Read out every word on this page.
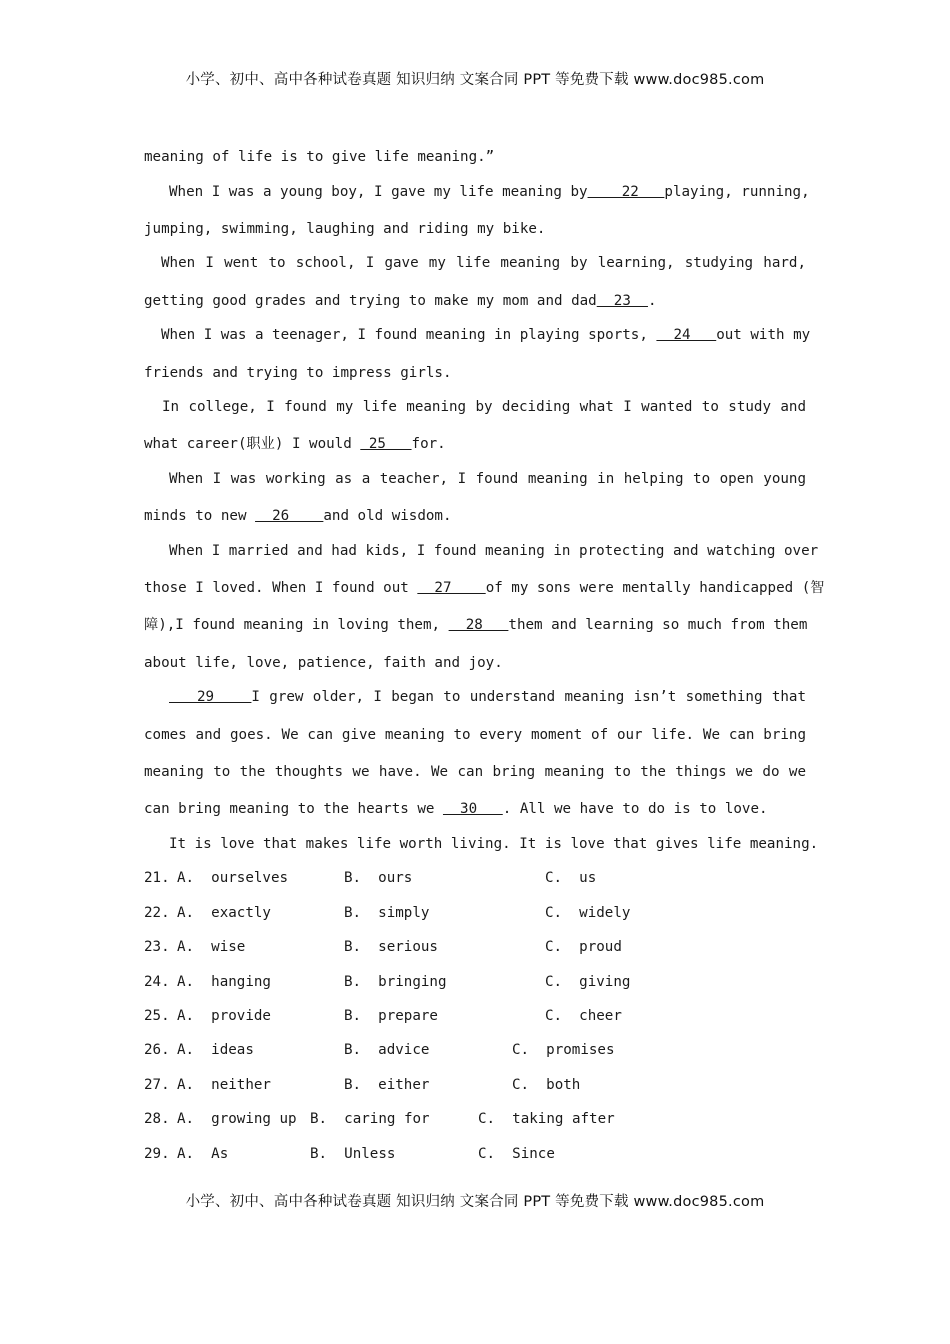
小学、初中、高中各种试卷真题 知识归纳 文案合同 PPT 等免费下载 www.doc985.com
meaning of life is to give life meaning.”
When I was a young boy, I gave my life meaning by    22   playing, running,
jumping, swimming, laughing and riding my bike.
When I went to school, I gave my life meaning by learning, studying hard,
getting good grades and trying to make my mom and dad  23  .
When I was a teenager, I found meaning in playing sports,   24   out with my
friends and trying to impress girls.
In college, I found my life meaning by deciding what I wanted to study and
what career(职业) I would  25   for.
When I was working as a teacher, I found meaning in helping to open young
minds to new   26    and old wisdom.
When I married and had kids, I found meaning in protecting and watching over
those I loved. When I found out   27    of my sons were mentally handicapped (智
障),I found meaning in loving them,   28   them and learning so much from them
about life, love, patience, faith and joy.
29    I grew older, I began to understand meaning isn’t something that
comes and goes. We can give meaning to every moment of our life. We can bring
meaning to the thoughts we have. We can bring meaning to the things we do we
can bring meaning to the hearts we   30   . All we have to do is to love.
It is love that makes life worth living. It is love that gives life meaning.
21. A.  ourselves	B.  ours	C.  us
22. A.  exactly	B.  simply	C.  widely
23. A.  wise	B.  serious	C.  proud
24. A.  hanging	B.  bringing	C.  giving
25. A.  provide	B.  prepare	C.  cheer
26. A.  ideas	B.  advice	C.  promises
27. A.  neither	B.  either	C.  both
28. A.  growing up B.  caring for	C.  taking after
29. A.  As	B.  Unless	C.  Since
小学、初中、高中各种试卷真题 知识归纳 文案合同 PPT 等免费下载 www.doc985.com
